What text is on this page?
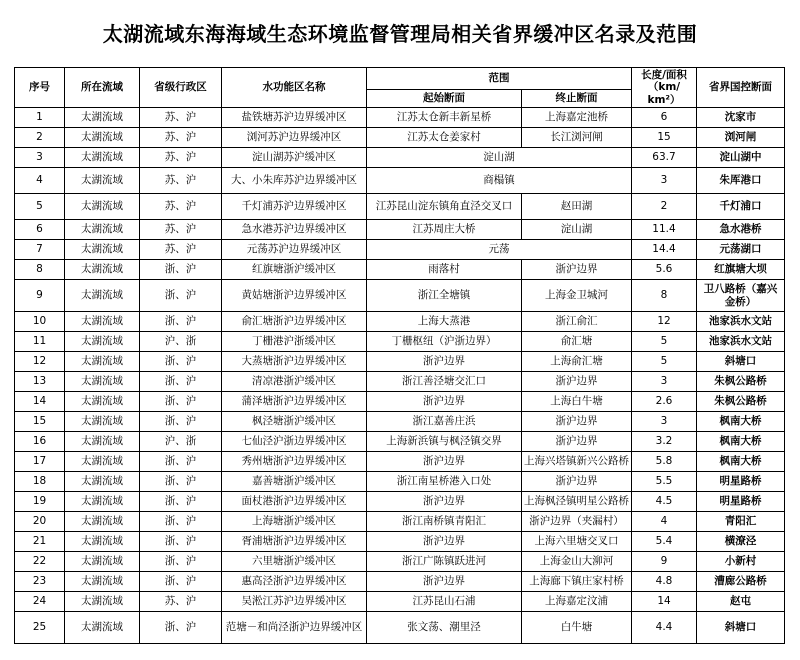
太湖流域东海海域生态环境监督管理局相关省界缓冲区名录及范围
序号	所在流域	省级行政区	水功能区名称	范围		长度/面积（km/ km²）	省界国控断面
				起始断面	终止断面		
1	太湖流域	苏、沪	盐铁塘苏沪边界缓冲区	江苏太仓新丰新星桥	上海嘉定池桥	6	沈家市
2	太湖流域	苏、沪	浏河苏沪边界缓冲区	江苏太仓姜家村	长江浏河闸	15	浏河闸
3	太湖流域	苏、沪	淀山湖苏沪缓冲区	淀山湖		63.7	淀山湖中
4	太湖流域	苏、沪	大、小朱库苏沪边界缓冲区	商榻镇		3	朱厍港口
5	太湖流域	苏、沪	千灯浦苏沪边界缓冲区	江苏昆山淀东镇角直泾交叉口	赵田湖	2	千灯浦口
6	太湖流域	苏、沪	急水港苏沪边界缓冲区	江苏周庄大桥	淀山湖	11.4	急水港桥
7	太湖流域	苏、沪	元荡苏沪边界缓冲区	元荡		14.4	元荡湖口
8	太湖流域	浙、沪	红旗塘浙沪缓冲区	雨落村	浙沪边界	5.6	红旗塘大坝
9	太湖流域	浙、沪	黄姑塘浙沪边界缓冲区	浙江全塘镇	上海金卫城河	8	卫八路桥（嘉兴金桥）
10	太湖流域	浙、沪	俞汇塘浙沪边界缓冲区	上海大蒸港	浙江俞汇	12	池家浜水文站
11	太湖流域	沪、浙	丁栅港沪浙缓冲区	丁栅枢纽（沪浙边界）	俞汇塘	5	池家浜水文站
12	太湖流域	浙、沪	大蒸塘浙沪边界缓冲区	浙沪边界	上海俞汇塘	5	斜塘口
13	太湖流域	浙、沪	清凉港浙沪缓冲区	浙江善泾塘交汇口	浙沪边界	3	朱枫公路桥
14	太湖流域	浙、沪	蒲泽塘浙沪边界缓冲区	浙沪边界	上海白牛塘	2.6	朱枫公路桥
15	太湖流域	浙、沪	枫泾塘浙沪缓冲区	浙江嘉善庄浜	浙沪边界	3	枫南大桥
16	太湖流域	沪、浙	七仙泾沪浙边界缓冲区	上海新浜镇与枫泾镇交界	浙沪边界	3.2	枫南大桥
17	太湖流域	浙、沪	秀州塘浙沪边界缓冲区	浙沪边界	上海兴塔镇新兴公路桥	5.8	枫南大桥
18	太湖流域	浙、沪	嘉善塘浙沪缓冲区	浙江南星桥港入口处	浙沪边界	5.5	明星路桥
19	太湖流域	浙、沪	面杖港浙沪边界缓冲区	浙沪边界	上海枫泾镇明星公路桥	4.5	明星路桥
20	太湖流域	浙、沪	上海塘浙沪缓冲区	浙江南桥镇青阳汇	浙沪边界（夹漏村）	4	青阳汇
21	太湖流域	浙、沪	胥浦塘浙沪边界缓冲区	浙沪边界	上海六里塘交叉口	5.4	横潦泾
22	太湖流域	浙、沪	六里塘浙沪缓冲区	浙江广陈镇跃进河	上海金山大泖河	9	小新村
23	太湖流域	浙、沪	惠高泾浙沪边界缓冲区	浙沪边界	上海廊下镇庄家村桥	4.8	漕廊公路桥
24	太湖流域	苏、沪	吴淞江苏沪边界缓冲区	江苏昆山石浦	上海嘉定汶浦	14	赵屯
25	太湖流域	浙、沪	范塘－和尚泾浙沪边界缓冲区	张文荡、潮里泾	白牛塘	4.4	斜塘口
